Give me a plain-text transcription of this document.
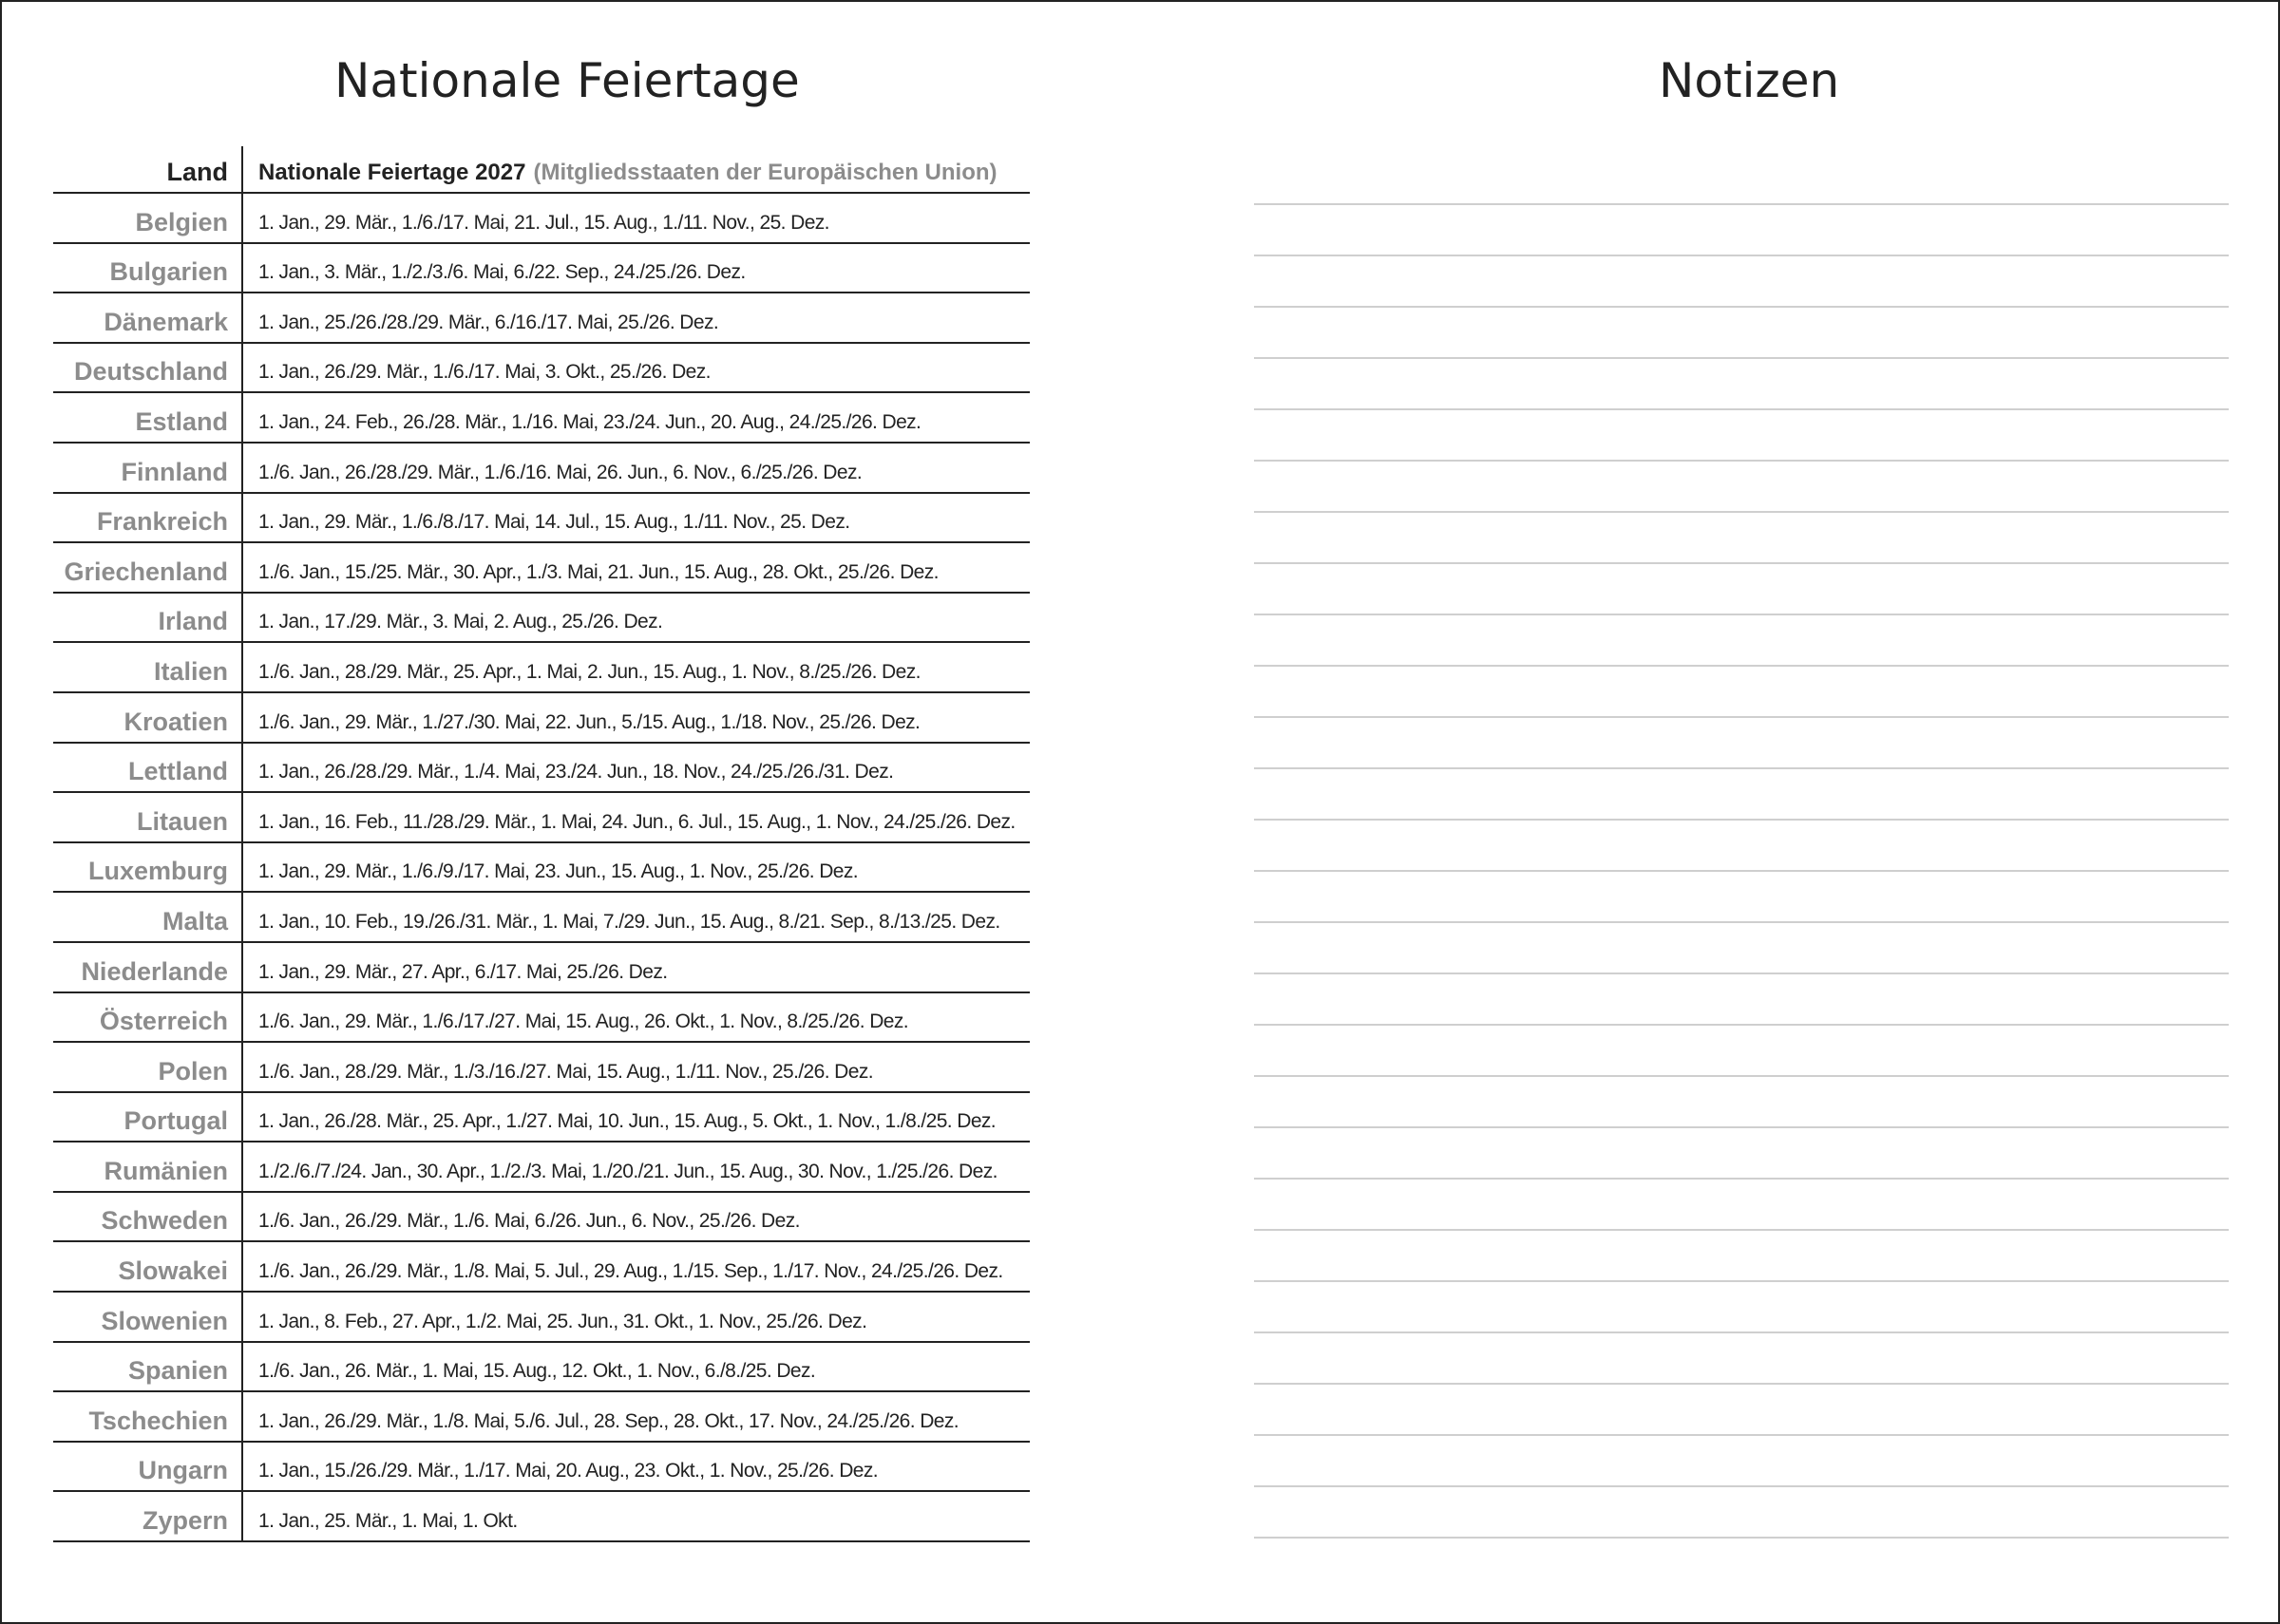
Nationale Feiertage	Notizen
Land	Nationale Feiertage 2027 (Mitgliedsstaaten der Europäischen Union)
Belgien	1. Jan., 29. Mär., 1./6./17. Mai, 21. Jul., 15. Aug., 1./11. Nov., 25. Dez.
Bulgarien	1. Jan., 3. Mär., 1./2./3./6. Mai, 6./22. Sep., 24./25./26. Dez.
Dänemark	1. Jan., 25./26./28./29. Mär., 6./16./17. Mai, 25./26. Dez.
Deutschland	1. Jan., 26./29. Mär., 1./6./17. Mai, 3. Okt., 25./26. Dez.
Estland	1. Jan., 24. Feb., 26./28. Mär., 1./16. Mai, 23./24. Jun., 20. Aug., 24./25./26. Dez.
Finnland	1./6. Jan., 26./28./29. Mär., 1./6./16. Mai, 26. Jun., 6. Nov., 6./25./26. Dez.
Frankreich	1. Jan., 29. Mär., 1./6./8./17. Mai, 14. Jul., 15. Aug., 1./11. Nov., 25. Dez.
Griechenland	1./6. Jan., 15./25. Mär., 30. Apr., 1./3. Mai, 21. Jun., 15. Aug., 28. Okt., 25./26. Dez.
Irland	1. Jan., 17./29. Mär., 3. Mai, 2. Aug., 25./26. Dez.
Italien	1./6. Jan., 28./29. Mär., 25. Apr., 1. Mai, 2. Jun., 15. Aug., 1. Nov., 8./25./26. Dez.
Kroatien	1./6. Jan., 29. Mär., 1./27./30. Mai, 22. Jun., 5./15. Aug., 1./18. Nov., 25./26. Dez.
Lettland	1. Jan., 26./28./29. Mär., 1./4. Mai, 23./24. Jun., 18. Nov., 24./25./26./31. Dez.
Litauen	1. Jan., 16. Feb., 11./28./29. Mär., 1. Mai, 24. Jun., 6. Jul., 15. Aug., 1. Nov., 24./25./26. Dez.
Luxemburg	1. Jan., 29. Mär., 1./6./9./17. Mai, 23. Jun., 15. Aug., 1. Nov., 25./26. Dez.
Malta	1. Jan., 10. Feb., 19./26./31. Mär., 1. Mai, 7./29. Jun., 15. Aug., 8./21. Sep., 8./13./25. Dez.
Niederlande	1. Jan., 29. Mär., 27. Apr., 6./17. Mai, 25./26. Dez.
Österreich	1./6. Jan., 29. Mär., 1./6./17./27. Mai, 15. Aug., 26. Okt., 1. Nov., 8./25./26. Dez.
Polen	1./6. Jan., 28./29. Mär., 1./3./16./27. Mai, 15. Aug., 1./11. Nov., 25./26. Dez.
Portugal	1. Jan., 26./28. Mär., 25. Apr., 1./27. Mai, 10. Jun., 15. Aug., 5. Okt., 1. Nov., 1./8./25. Dez.
Rumänien	1./2./6./7./24. Jan., 30. Apr., 1./2./3. Mai, 1./20./21. Jun., 15. Aug., 30. Nov., 1./25./26. Dez.
Schweden	1./6. Jan., 26./29. Mär., 1./6. Mai, 6./26. Jun., 6. Nov., 25./26. Dez.
Slowakei	1./6. Jan., 26./29. Mär., 1./8. Mai, 5. Jul., 29. Aug., 1./15. Sep., 1./17. Nov., 24./25./26. Dez.
Slowenien	1. Jan., 8. Feb., 27. Apr., 1./2. Mai, 25. Jun., 31. Okt., 1. Nov., 25./26. Dez.
Spanien	1./6. Jan., 26. Mär., 1. Mai, 15. Aug., 12. Okt., 1. Nov., 6./8./25. Dez.
Tschechien	1. Jan., 26./29. Mär., 1./8. Mai, 5./6. Jul., 28. Sep., 28. Okt., 17. Nov., 24./25./26. Dez.
Ungarn	1. Jan., 15./26./29. Mär., 1./17. Mai, 20. Aug., 23. Okt., 1. Nov., 25./26. Dez.
Zypern	1. Jan., 25. Mär., 1. Mai, 1. Okt.
